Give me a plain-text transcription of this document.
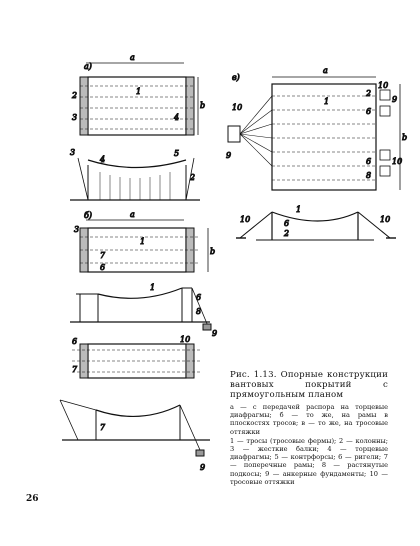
а)
a
b
1
2
3	4
3
4
5
2
б)	a
b
1
3
7
6
1
6
8
9
10
6
7
7
9
в)
a
b
1
10
9
10
9
2
6
10
6
8
10	10
1
6
2
Рис. 1.13. Опорные конструкции вантовых покрытий с прямоугольным планом

а — с передачей распора на торцевые диафрагмы; б — то же, на рамы в плоскостях тросов; в — то же, на тросовые оттяжки

1 — тросы (тросовые фермы); 2 — колонны; 3 — жесткие балки; 4 — торцевые диафрагмы; 5 — контрфорсы; 6 — ригели; 7 — поперечные рамы; 8 — растянутые подкосы; 9 — анкерные фундаменты; 10 — тросовые оттяжки

26
